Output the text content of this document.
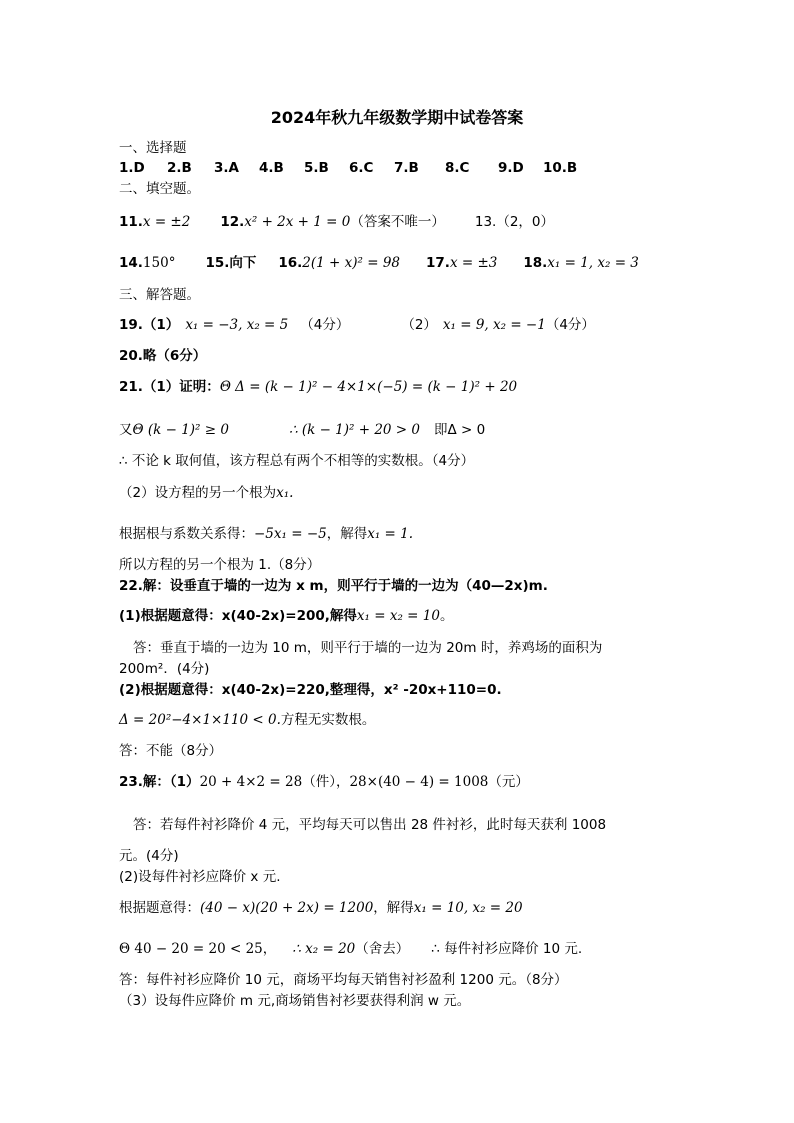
2024年秋九年级数学期中试卷答案
一、选择题
1.D 2.B 3.A 4.B 5.B 6.C 7.B 8.C 9.D 10.B
二、填空题。
11.x = ±2 12.x² + 2x + 1 = 0（答案不唯一） 13.（2，0）
14.150° 15.向下 16.2(1 + x)² = 98 17.x = ±3 18.x₁ = 1, x₂ = 3
三、解答题。
19.（1） x₁ = −3, x₂ = 5 （4分）	（2） x₁ = 9, x₂ = −1（4分）
20.略（6分）
21.（1）证明：Θ Δ = (k − 1)² − 4×1×(−5) = (k − 1)² + 20
又Θ (k − 1)² ≥ 0	∴ (k − 1)² + 20 > 0 即Δ > 0
∴ 不论 k 取何值，该方程总有两个不相等的实数根。（4分）
（2）设方程的另一个根为x₁.
根据根与系数关系得：−5x₁ = −5，解得x₁ = 1.
所以方程的另一个根为 1.（8分）
22.解：设垂直于墙的一边为 x m，则平行于墙的一边为（40—2x)m.
(1)根据题意得：x(40-2x)=200,解得x₁ = x₂ = 10。
答：垂直于墙的一边为 10 m，则平行于墙的一边为 20m 时，养鸡场的面积为
200m²．(4分)
(2)根据题意得：x(40-2x)=220,整理得，x² -20x+110=0.
Δ = 20²−4×1×110 < 0.方程无实数根。
答：不能（8分）
23.解：（1）20 + 4×2 = 28（件），28×(40 − 4) = 1008（元）
答：若每件衬衫降价 4 元，平均每天可以售出 28 件衬衫，此时每天获利 1008
元。(4分)
(2)设每件衬衫应降价 x 元.
根据题意得：(40 − x)(20 + 2x) = 1200，解得x₁ = 10, x₂ = 20
Θ 40 − 20 = 20 < 25， ∴ x₂ = 20（舍去） ∴ 每件衬衫应降价 10 元.
答：每件衬衫应降价 10 元，商场平均每天销售衬衫盈利 1200 元。（8分）
（3）设每件应降价 m 元,商场销售衬衫要获得利润 w 元。
